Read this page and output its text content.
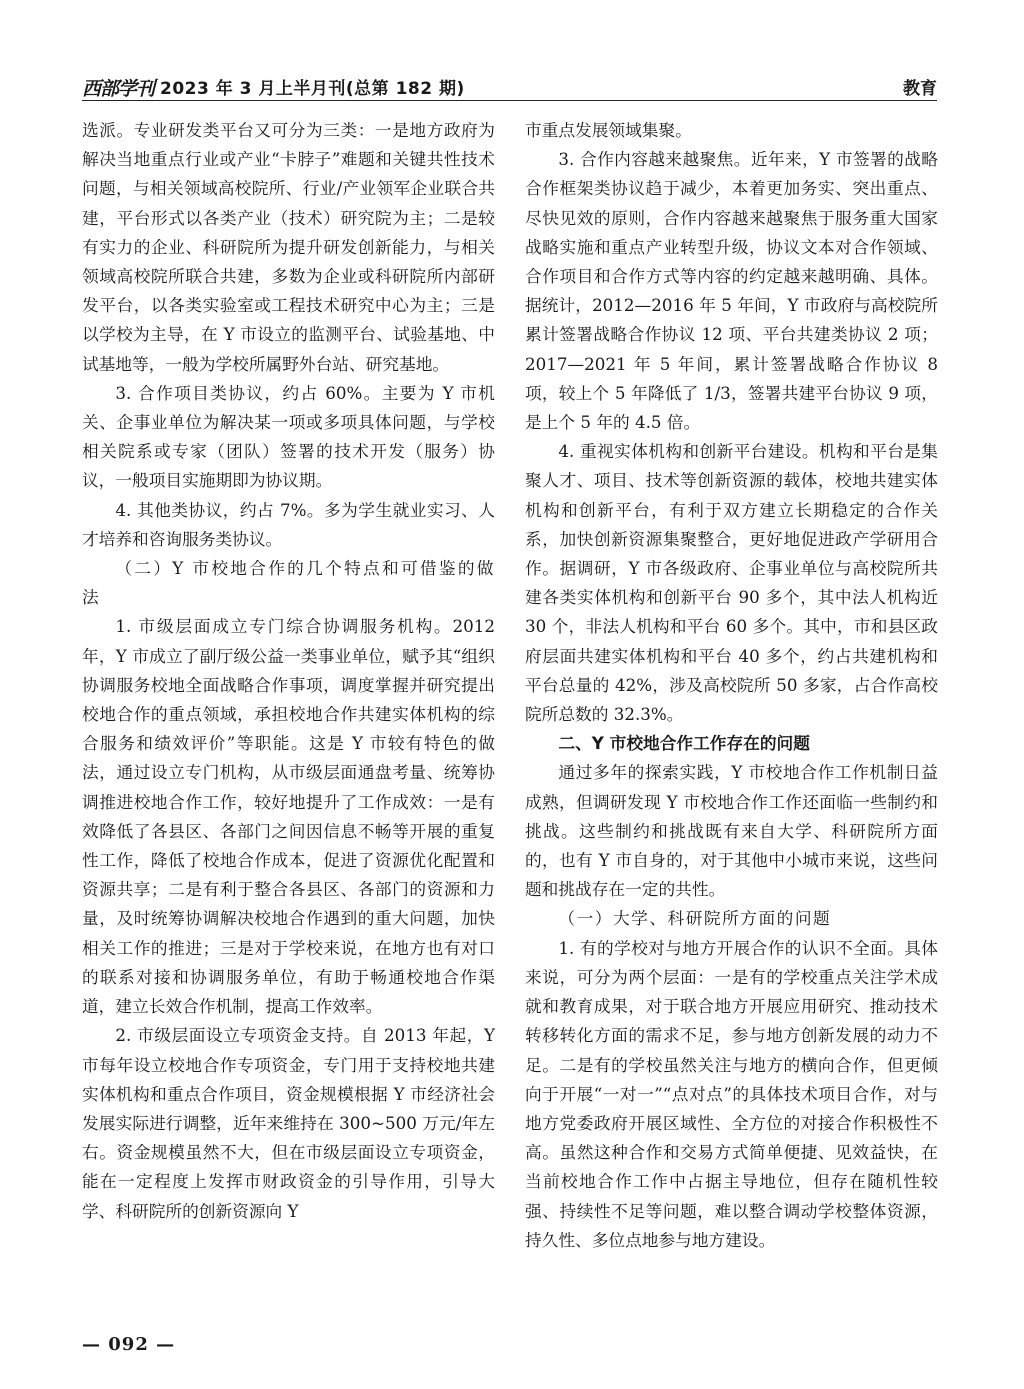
西部学刊 2023 年 3 月上半月刊(总第 182 期)	教育

选派。专业研发类平台又可分为三类：一是地方政府为解决当地重点行业或产业“卡脖子”难题和关键共性技术问题，与相关领域高校院所、行业/产业领军企业联合共建，平台形式以各类产业（技术）研究院为主；二是较有实力的企业、科研院所为提升研发创新能力，与相关领域高校院所联合共建，多数为企业或科研院所内部研发平台，以各类实验室或工程技术研究中心为主；三是以学校为主导，在 Y 市设立的监测平台、试验基地、中试基地等，一般为学校所属野外台站、研究基地。

3. 合作项目类协议，约占 60%。主要为 Y 市机关、企事业单位为解决某一项或多项具体问题，与学校相关院系或专家（团队）签署的技术开发（服务）协议，一般项目实施期即为协议期。

4. 其他类协议，约占 7%。多为学生就业实习、人才培养和咨询服务类协议。

（二）Y 市校地合作的几个特点和可借鉴的做法

1. 市级层面成立专门综合协调服务机构。2012 年，Y 市成立了副厅级公益一类事业单位，赋予其“组织协调服务校地全面战略合作事项，调度掌握并研究提出校地合作的重点领域，承担校地合作共建实体机构的综合服务和绩效评价”等职能。这是 Y 市较有特色的做法，通过设立专门机构，从市级层面通盘考量、统筹协调推进校地合作工作，较好地提升了工作成效：一是有效降低了各县区、各部门之间因信息不畅等开展的重复性工作，降低了校地合作成本，促进了资源优化配置和资源共享；二是有利于整合各县区、各部门的资源和力量，及时统筹协调解决校地合作遇到的重大问题，加快相关工作的推进；三是对于学校来说，在地方也有对口的联系对接和协调服务单位，有助于畅通校地合作渠道，建立长效合作机制，提高工作效率。

2. 市级层面设立专项资金支持。自 2013 年起，Y 市每年设立校地合作专项资金，专门用于支持校地共建实体机构和重点合作项目，资金规模根据 Y 市经济社会发展实际进行调整，近年来维持在 300~500 万元/年左右。资金规模虽然不大，但在市级层面设立专项资金，能在一定程度上发挥市财政资金的引导作用，引导大学、科研院所的创新资源向 Y

市重点发展领域集聚。

3. 合作内容越来越聚焦。近年来，Y 市签署的战略合作框架类协议趋于减少，本着更加务实、突出重点、尽快见效的原则，合作内容越来越聚焦于服务重大国家战略实施和重点产业转型升级，协议文本对合作领域、合作项目和合作方式等内容的约定越来越明确、具体。据统计，2012—2016 年 5 年间，Y 市政府与高校院所累计签署战略合作协议 12 项、平台共建类协议 2 项；2017—2021 年 5 年间，累计签署战略合作协议 8 项，较上个 5 年降低了 1/3，签署共建平台协议 9 项，是上个 5 年的 4.5 倍。

4. 重视实体机构和创新平台建设。机构和平台是集聚人才、项目、技术等创新资源的载体，校地共建实体机构和创新平台，有利于双方建立长期稳定的合作关系，加快创新资源集聚整合，更好地促进政产学研用合作。据调研，Y 市各级政府、企事业单位与高校院所共建各类实体机构和创新平台 90 多个，其中法人机构近 30 个，非法人机构和平台 60 多个。其中，市和县区政府层面共建实体机构和平台 40 多个，约占共建机构和平台总量的 42%，涉及高校院所 50 多家，占合作高校院所总数的 32.3%。

二、Y 市校地合作工作存在的问题

通过多年的探索实践，Y 市校地合作工作机制日益成熟，但调研发现 Y 市校地合作工作还面临一些制约和挑战。这些制约和挑战既有来自大学、科研院所方面的，也有 Y 市自身的，对于其他中小城市来说，这些问题和挑战存在一定的共性。

（一）大学、科研院所方面的问题

1. 有的学校对与地方开展合作的认识不全面。具体来说，可分为两个层面：一是有的学校重点关注学术成就和教育成果，对于联合地方开展应用研究、推动技术转移转化方面的需求不足，参与地方创新发展的动力不足。二是有的学校虽然关注与地方的横向合作，但更倾向于开展“一对一”“点对点”的具体技术项目合作，对与地方党委政府开展区域性、全方位的对接合作积极性不高。虽然这种合作和交易方式简单便捷、见效益快，在当前校地合作工作中占据主导地位，但存在随机性较强、持续性不足等问题，难以整合调动学校整体资源，持久性、多位点地参与地方建设。

— 092 —
